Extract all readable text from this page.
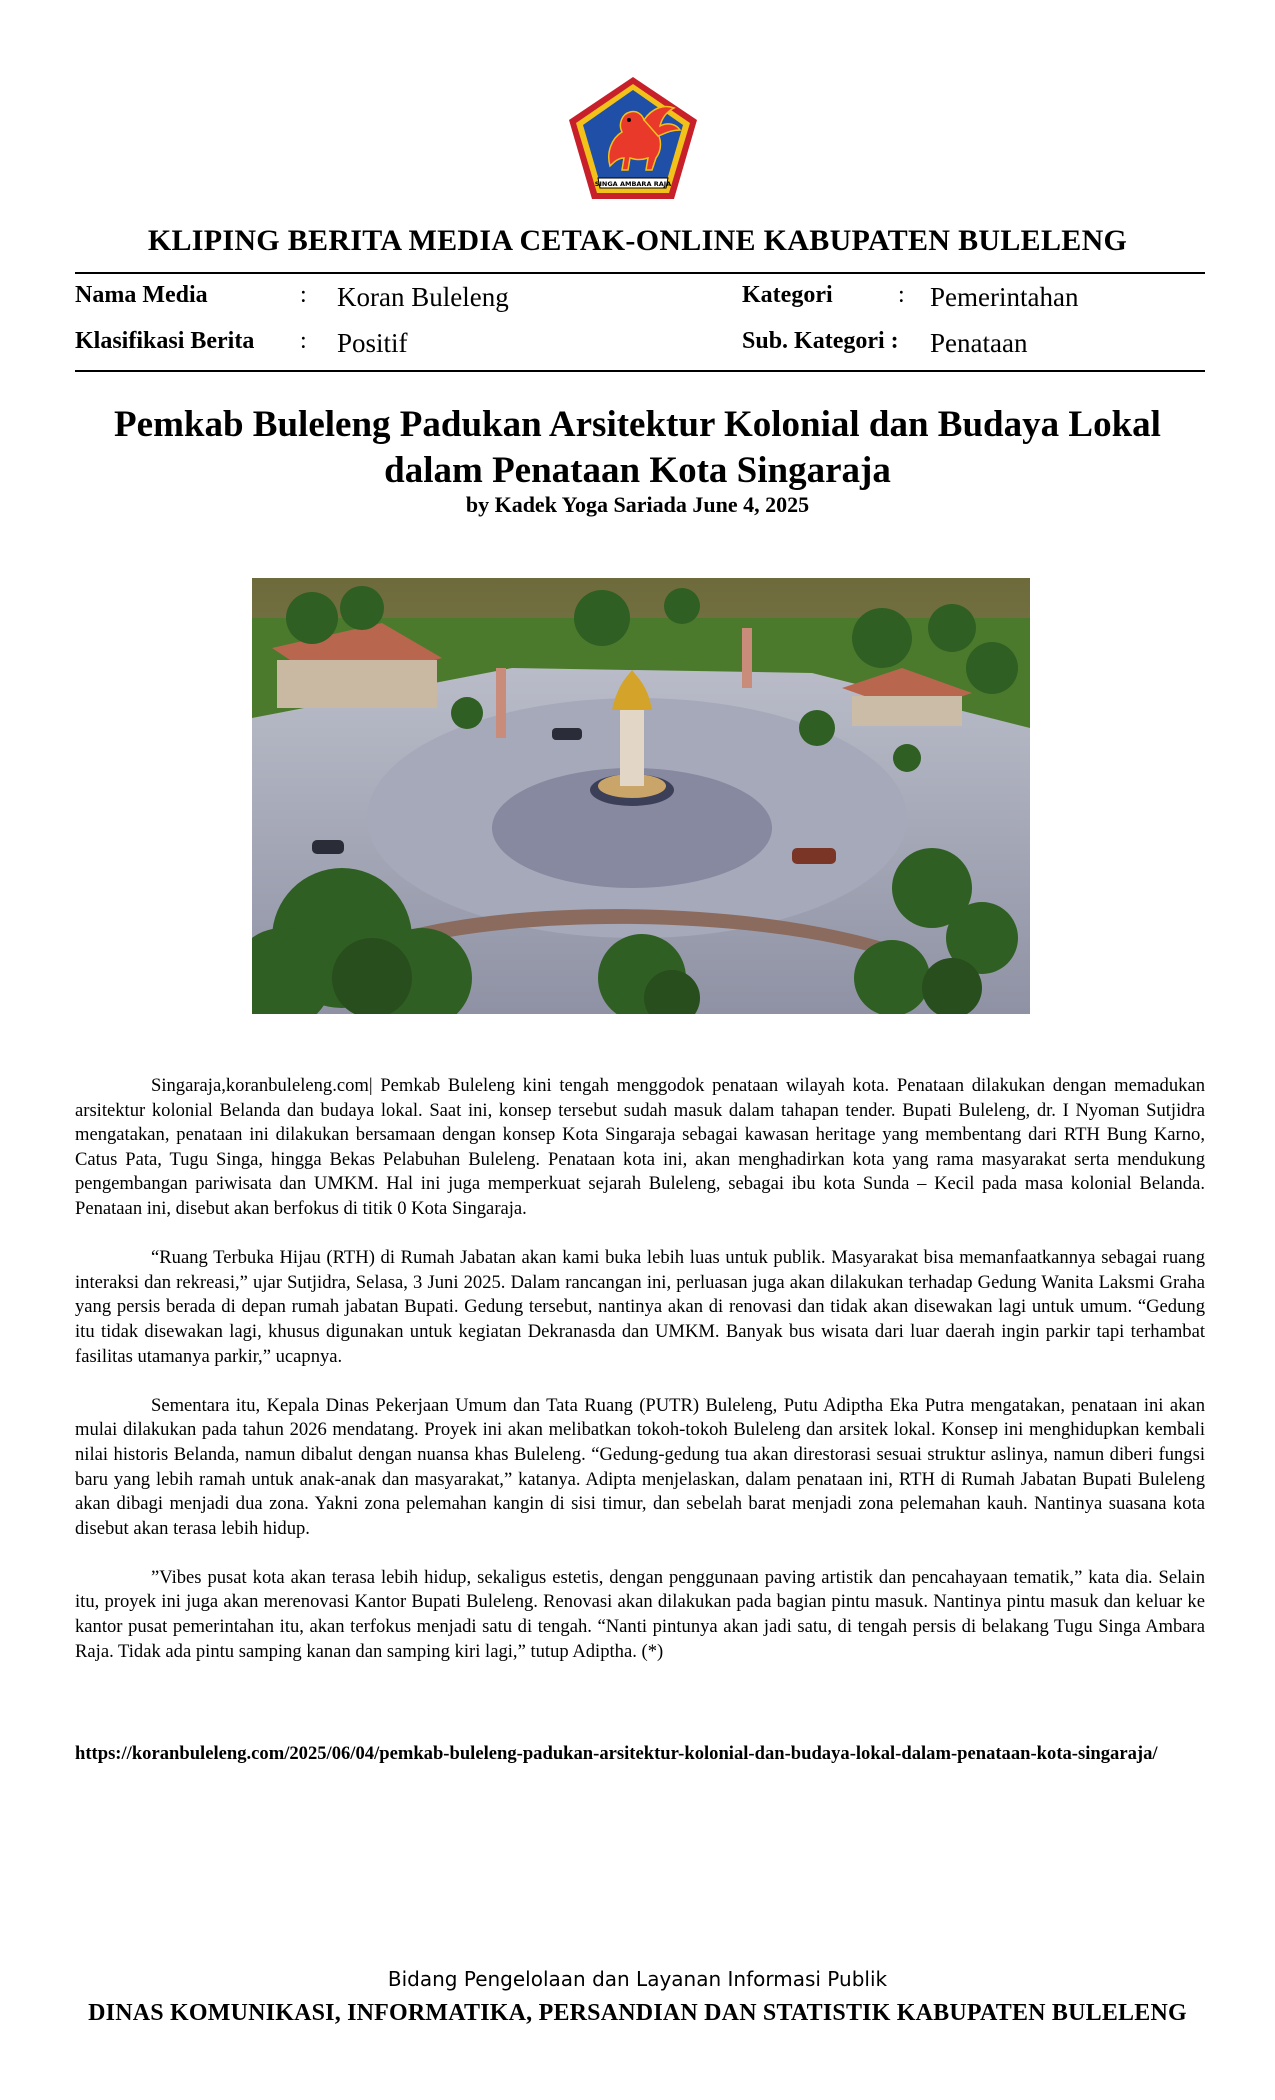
SINGA AMBARA RAJA
KLIPING BERITA MEDIA CETAK-ONLINE KABUPATEN BULELENG
Nama Media	: Koran Buleleng	Kategori	: Pemerintahan
Klasifikasi Berita : Positif	Sub. Kategori : Penataan
Pemkab Buleleng Padukan Arsitektur Kolonial dan Budaya Lokal dalam Penataan Kota Singaraja
by Kadek Yoga Sariada June 4, 2025

Singaraja,koranbuleleng.com| Pemkab Buleleng kini tengah menggodok penataan wilayah kota. Penataan dilakukan dengan memadukan arsitektur kolonial Belanda dan budaya lokal. Saat ini, konsep tersebut sudah masuk dalam tahapan tender. Bupati Buleleng, dr. I Nyoman Sutjidra mengatakan, penataan ini dilakukan bersamaan dengan konsep Kota Singaraja sebagai kawasan heritage yang membentang dari RTH Bung Karno, Catus Pata, Tugu Singa, hingga Bekas Pelabuhan Buleleng. Penataan kota ini, akan menghadirkan kota yang rama masyarakat serta mendukung pengembangan pariwisata dan UMKM. Hal ini juga memperkuat sejarah Buleleng, sebagai ibu kota Sunda – Kecil pada masa kolonial Belanda. Penataan ini, disebut akan berfokus di titik 0 Kota Singaraja.

“Ruang Terbuka Hijau (RTH) di Rumah Jabatan akan kami buka lebih luas untuk publik. Masyarakat bisa memanfaatkannya sebagai ruang interaksi dan rekreasi,” ujar Sutjidra, Selasa, 3 Juni 2025. Dalam rancangan ini, perluasan juga akan dilakukan terhadap Gedung Wanita Laksmi Graha yang persis berada di depan rumah jabatan Bupati. Gedung tersebut, nantinya akan di renovasi dan tidak akan disewakan lagi untuk umum. “Gedung itu tidak disewakan lagi, khusus digunakan untuk kegiatan Dekranasda dan UMKM. Banyak bus wisata dari luar daerah ingin parkir tapi terhambat fasilitas utamanya parkir,” ucapnya.

Sementara itu, Kepala Dinas Pekerjaan Umum dan Tata Ruang (PUTR) Buleleng, Putu Adiptha Eka Putra mengatakan, penataan ini akan mulai dilakukan pada tahun 2026 mendatang. Proyek ini akan melibatkan tokoh-tokoh Buleleng dan arsitek lokal. Konsep ini menghidupkan kembali nilai historis Belanda, namun dibalut dengan nuansa khas Buleleng. “Gedung-gedung tua akan direstorasi sesuai struktur aslinya, namun diberi fungsi baru yang lebih ramah untuk anak-anak dan masyarakat,” katanya. Adipta menjelaskan, dalam penataan ini, RTH di Rumah Jabatan Bupati Buleleng akan dibagi menjadi dua zona. Yakni zona pelemahan kangin di sisi timur, dan sebelah barat menjadi zona pelemahan kauh. Nantinya suasana kota disebut akan terasa lebih hidup.

”Vibes pusat kota akan terasa lebih hidup, sekaligus estetis, dengan penggunaan paving artistik dan pencahayaan tematik,” kata dia. Selain itu, proyek ini juga akan merenovasi Kantor Bupati Buleleng. Renovasi akan dilakukan pada bagian pintu masuk. Nantinya pintu masuk dan keluar ke kantor pusat pemerintahan itu, akan terfokus menjadi satu di tengah. “Nanti pintunya akan jadi satu, di tengah persis di belakang Tugu Singa Ambara Raja. Tidak ada pintu samping kanan dan samping kiri lagi,” tutup Adiptha. (*)

https://koranbuleleng.com/2025/06/04/pemkab-buleleng-padukan-arsitektur-kolonial-dan-budaya-lokal-dalam-penataan-kota-singaraja/
Bidang Pengelolaan dan Layanan Informasi Publik
DINAS KOMUNIKASI, INFORMATIKA, PERSANDIAN DAN STATISTIK KABUPATEN BULELENG
